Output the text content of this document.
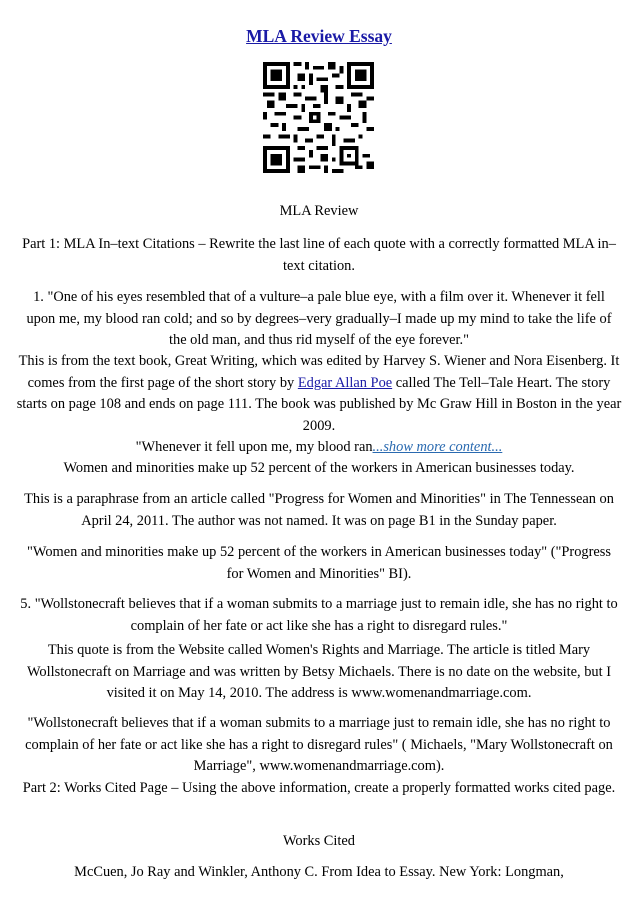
MLA Review Essay

MLA Review

Part 1: MLA In–text Citations – Rewrite the last line of each quote with a correctly formatted MLA in–text citation.

1. "One of his eyes resembled that of a vulture–a pale blue eye, with a film over it. Whenever it fell upon me, my blood ran cold; and so by degrees–very gradually–I made up my mind to take the life of the old man, and thus rid myself of the eye forever."

This is from the text book, Great Writing, which was edited by Harvey S. Wiener and Nora Eisenberg. It comes from the first page of the short story by Edgar Allan Poe called The Tell–Tale Heart. The story starts on page 108 and ends on page 111. The book was published by Mc Graw Hill in Boston in the year 2009.

"Whenever it fell upon me, my blood ran...show more content...

Women and minorities make up 52 percent of the workers in American businesses today.

This is a paraphrase from an article called "Progress for Women and Minorities" in The Tennessean on April 24, 2011. The author was not named. It was on page B1 in the Sunday paper.

"Women and minorities make up 52 percent of the workers in American businesses today" ("Progress for Women and Minorities" BI).

5. "Wollstonecraft believes that if a woman submits to a marriage just to remain idle, she has no right to complain of her fate or act like she has a right to disregard rules."

This quote is from the Website called Women's Rights and Marriage. The article is titled Mary Wollstonecraft on Marriage and was written by Betsy Michaels. There is no date on the website, but I visited it on May 14, 2010. The address is www.womenandmarriage.com.

"Wollstonecraft believes that if a woman submits to a marriage just to remain idle, she has no right to complain of her fate or act like she has a right to disregard rules" ( Michaels, "Mary Wollstonecraft on Marriage", www.womenandmarriage.com).

Part 2: Works Cited Page – Using the above information, create a properly formatted works cited page.

Works Cited

McCuen, Jo Ray and Winkler, Anthony C. From Idea to Essay. New York: Longman,
